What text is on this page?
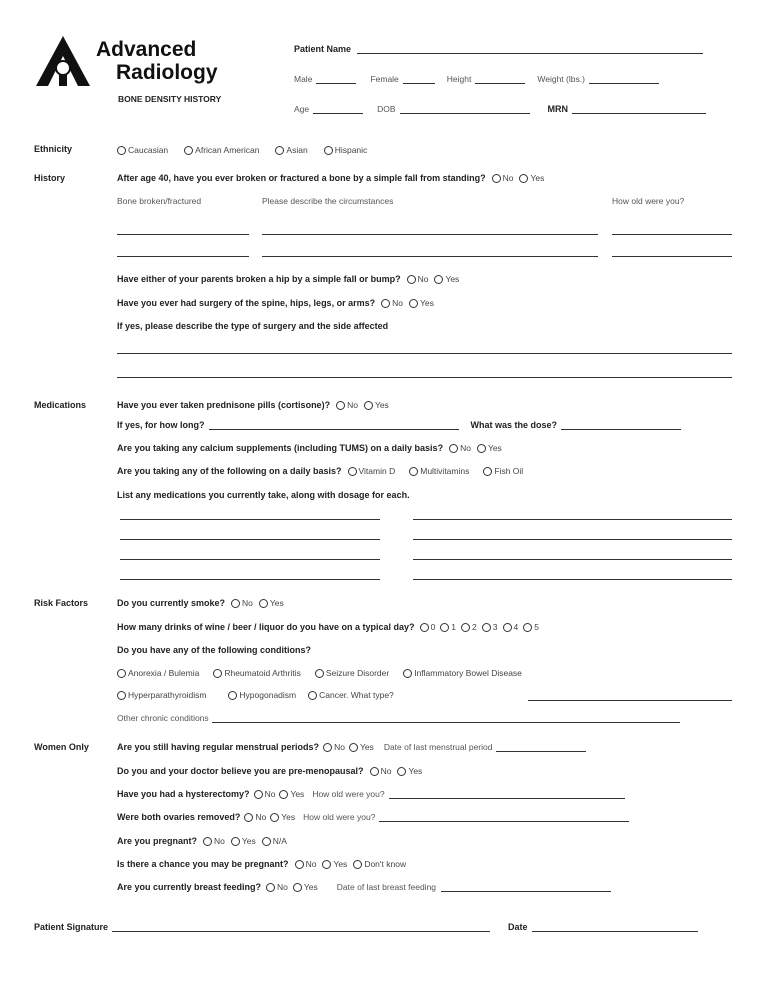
Advanced
Radiology
BONE DENSITY HISTORY
Patient Name
Male	Female	Height	Weight (lbs.)
Age	DOB	MRN
Ethnicity	Caucasian	African American	Asian	Hispanic
History	After age 40, have you ever broken or fractured a bone by a simple fall from standing? No Yes
Bone broken/fractured	Please describe the circumstances	How old were you?
Have either of your parents broken a hip by a simple fall or bump? No Yes
Have you ever had surgery of the spine, hips, legs, or arms? No Yes
If yes, please describe the type of surgery and the side affected
Medications	Have you ever taken prednisone pills (cortisone)? No Yes
If yes, for how long?	What was the dose?
Are you taking any calcium supplements (including TUMS) on a daily basis? No Yes
Are you taking any of the following on a daily basis? Vitamin D	Multivitamins	Fish Oil
List any medications you currently take, along with dosage for each.
Risk Factors	Do you currently smoke? No Yes
How many drinks of wine / beer / liquor do you have on a typical day? 0 1 2 3 4 5
Do you have any of the following conditions?
Anorexia / Bulemia	Rheumatoid Arthritis	Seizure Disorder	Inflammatory Bowel Disease
Hyperparathyroidism	Hypogonadism	Cancer. What type?
Other chronic conditions
Women Only	Are you still having regular menstrual periods? No Yes Date of last menstrual period
Do you and your doctor believe you are pre-menopausal? No Yes
Have you had a hysterectomy? No Yes How old were you?
Were both ovaries removed? No Yes How old were you?
Are you pregnant? No Yes N/A
Is there a chance you may be pregnant? No Yes Don't know
Are you currently breast feeding? No Yes Date of last breast feeding
Patient Signature	Date
